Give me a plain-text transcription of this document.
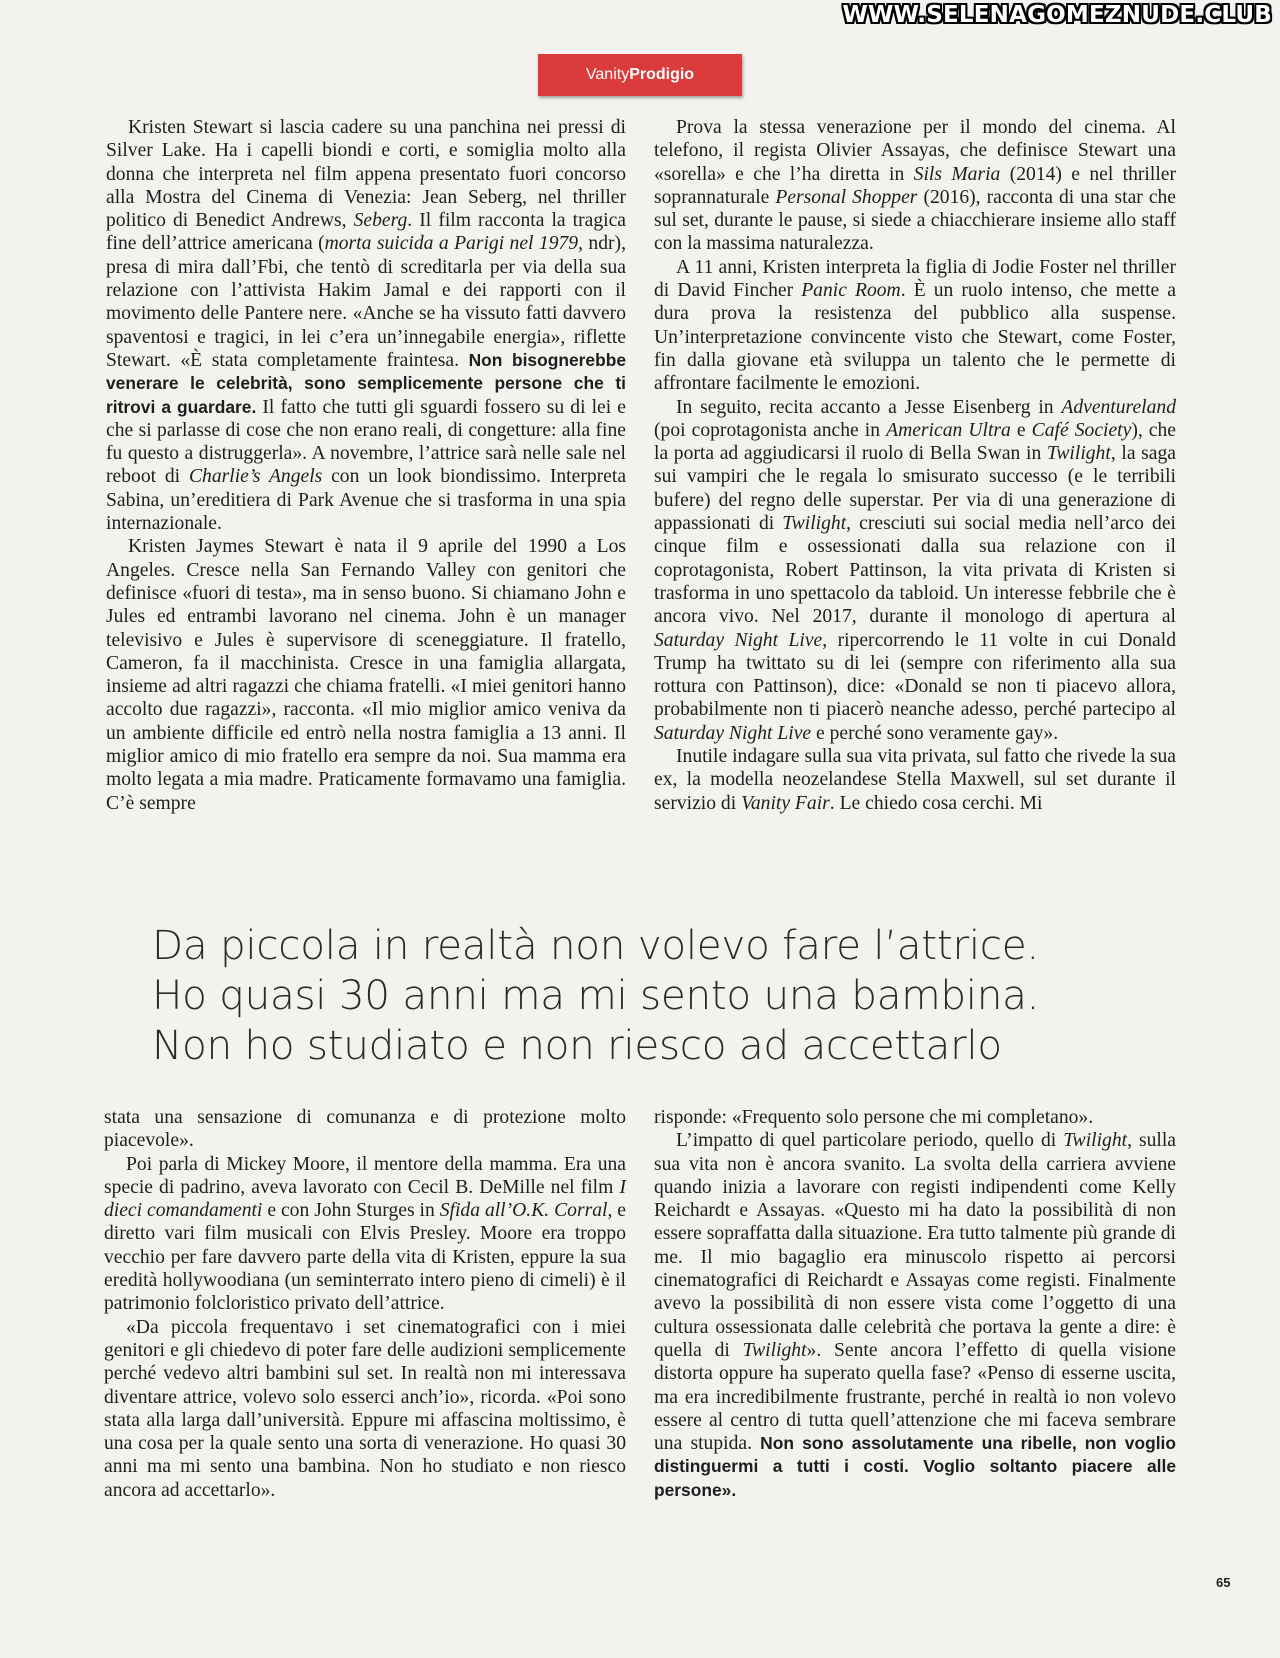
WWW.SELENAGOMEZNUDE.CLUB
VanityProdigio

Kristen Stewart si lascia cadere su una panchina nei pressi di Silver Lake. Ha i capelli biondi e corti, e somiglia molto alla donna che interpreta nel film appena presentato fuori concorso alla Mostra del Cinema di Venezia: Jean Seberg, nel thriller politico di Benedict Andrews, Seberg. Il film racconta la tragica fine dell’attrice americana (morta suicida a Parigi nel 1979, ndr), presa di mira dall’Fbi, che tentò di screditarla per via della sua relazione con l’attivista Hakim Jamal e dei rapporti con il movimento delle Pantere nere. «Anche se ha vissuto fatti davvero spaventosi e tragici, in lei c’era un’innegabile energia», riflette Stewart. «È stata completamente fraintesa. Non bisognerebbe venerare le celebrità, sono semplicemente persone che ti ritrovi a guardare. Il fatto che tutti gli sguardi fossero su di lei e che si parlasse di cose che non erano reali, di congetture: alla fine fu questo a distruggerla». A novembre, l’attrice sarà nelle sale nel reboot di Charlie’s Angels con un look biondissimo. Interpreta Sabina, un’ereditiera di Park Avenue che si trasforma in una spia internazionale.

Kristen Jaymes Stewart è nata il 9 aprile del 1990 a Los Angeles. Cresce nella San Fernando Valley con genitori che definisce «fuori di testa», ma in senso buono. Si chiamano John e Jules ed entrambi lavorano nel cinema. John è un manager televisivo e Jules è supervisore di sceneggiature. Il fratello, Cameron, fa il macchinista. Cresce in una famiglia allargata, insieme ad altri ragazzi che chiama fratelli. «I miei genitori hanno accolto due ragazzi», racconta. «Il mio miglior amico veniva da un ambiente difficile ed entrò nella nostra famiglia a 13 anni. Il miglior amico di mio fratello era sempre da noi. Sua mamma era molto legata a mia madre. Praticamente formavamo una famiglia. C’è sempre

Prova la stessa venerazione per il mondo del cinema. Al telefono, il regista Olivier Assayas, che definisce Stewart una «sorella» e che l’ha diretta in Sils Maria (2014) e nel thriller soprannaturale Personal Shopper (2016), racconta di una star che sul set, durante le pause, si siede a chiacchierare insieme allo staff con la massima naturalezza.

A 11 anni, Kristen interpreta la figlia di Jodie Foster nel thriller di David Fincher Panic Room. È un ruolo intenso, che mette a dura prova la resistenza del pubblico alla suspense. Un’interpretazione convincente visto che Stewart, come Foster, fin dalla giovane età sviluppa un talento che le permette di affrontare facilmente le emozioni.

In seguito, recita accanto a Jesse Eisenberg in Adventureland (poi coprotagonista anche in American Ultra e Café Society), che la porta ad aggiudicarsi il ruolo di Bella Swan in Twilight, la saga sui vampiri che le regala lo smisurato successo (e le terribili bufere) del regno delle superstar. Per via di una generazione di appassionati di Twilight, cresciuti sui social media nell’arco dei cinque film e ossessionati dalla sua relazione con il coprotagonista, Robert Pattinson, la vita privata di Kristen si trasforma in uno spettacolo da tabloid. Un interesse febbrile che è ancora vivo. Nel 2017, durante il monologo di apertura al Saturday Night Live, ripercorrendo le 11 volte in cui Donald Trump ha twittato su di lei (sempre con riferimento alla sua rottura con Pattinson), dice: «Donald se non ti piacevo allora, probabilmente non ti piacerò neanche adesso, perché partecipo al Saturday Night Live e perché sono veramente gay».

Inutile indagare sulla sua vita privata, sul fatto che rivede la sua ex, la modella neozelandese Stella Maxwell, sul set durante il servizio di Vanity Fair. Le chiedo cosa cerchi. Mi

Da piccola in realtà non volevo fare l’attrice.
Ho quasi 30 anni ma mi sento una bambina.
Non ho studiato e non riesco ad accettarlo

stata una sensazione di comunanza e di protezione molto piacevole».

Poi parla di Mickey Moore, il mentore della mamma. Era una specie di padrino, aveva lavorato con Cecil B. DeMille nel film I dieci comandamenti e con John Sturges in Sfida all’O.K. Corral, e diretto vari film musicali con Elvis Presley. Moore era troppo vecchio per fare davvero parte della vita di Kristen, eppure la sua eredità hollywoodiana (un seminterrato intero pieno di cimeli) è il patrimonio folcloristico privato dell’attrice.

«Da piccola frequentavo i set cinematografici con i miei genitori e gli chiedevo di poter fare delle audizioni semplicemente perché vedevo altri bambini sul set. In realtà non mi interessava diventare attrice, volevo solo esserci anch’io», ricorda. «Poi sono stata alla larga dall’università. Eppure mi affascina moltissimo, è una cosa per la quale sento una sorta di venerazione. Ho quasi 30 anni ma mi sento una bambina. Non ho studiato e non riesco ancora ad accettarlo».

risponde: «Frequento solo persone che mi completano».

L’impatto di quel particolare periodo, quello di Twilight, sulla sua vita non è ancora svanito. La svolta della carriera avviene quando inizia a lavorare con registi indipendenti come Kelly Reichardt e Assayas. «Questo mi ha dato la possibilità di non essere sopraffatta dalla situazione. Era tutto talmente più grande di me. Il mio bagaglio era minuscolo rispetto ai percorsi cinematografici di Reichardt e Assayas come registi. Finalmente avevo la possibilità di non essere vista come l’oggetto di una cultura ossessionata dalle celebrità che portava la gente a dire: è quella di Twilight». Sente ancora l’effetto di quella visione distorta oppure ha superato quella fase? «Penso di esserne uscita, ma era incredibilmente frustrante, perché in realtà io non volevo essere al centro di tutta quell’attenzione che mi faceva sembrare una stupida. Non sono assolutamente una ribelle, non voglio distinguermi a tutti i costi. Voglio soltanto piacere alle persone».

65
